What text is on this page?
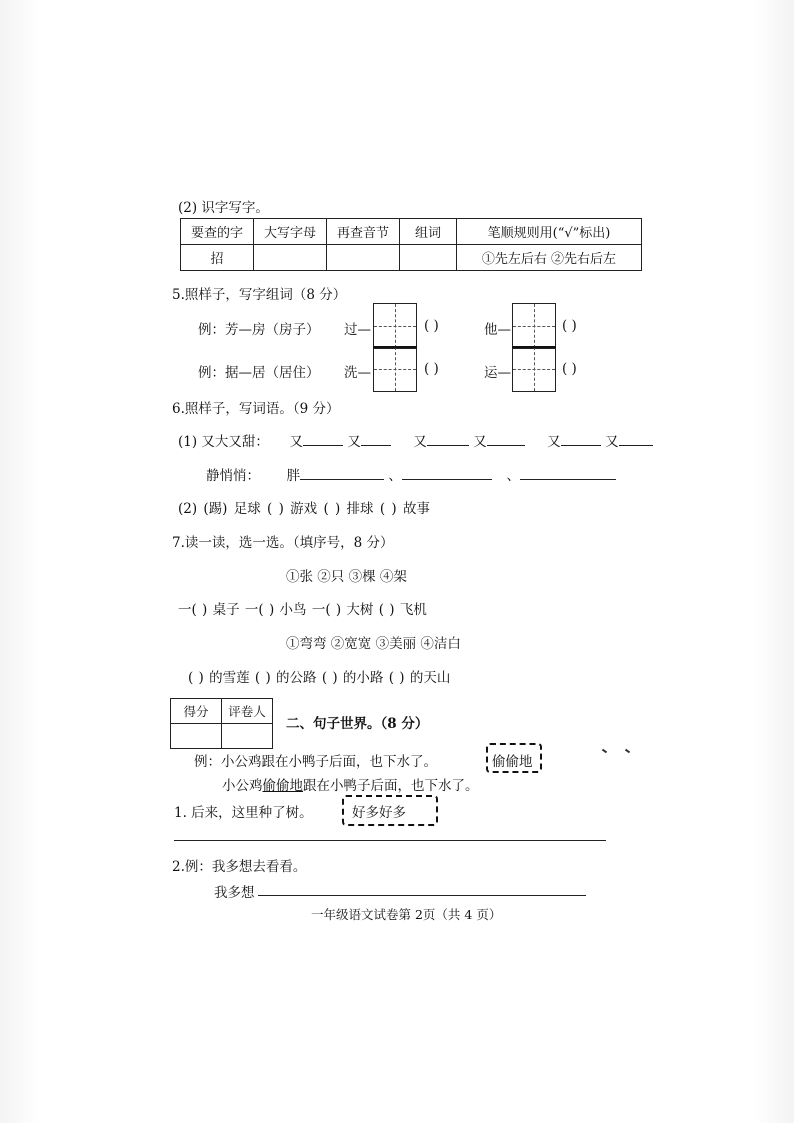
(2) 识字写字。
要查的字	大写字母	再查音节	组词	笔顺规则用(“√”标出)
招				①先左后右 ②先右后左
5.照样子，写字组词（8 分）
例：芳—房（房子）
例：据—居（居住）
过—
洗—
( )
( )
他—
运—
( )
( )
6.照样子，写词语。（9 分）
(1) 又大又甜： 又	又	又	又	又	又
静悄悄： 胖	、	、
(2) (踢) 足球 ( ) 游戏 ( ) 排球 ( ) 故事
7.读一读，选一选。（填序号，8 分）
①张 ②只 ③棵 ④架
一( ) 桌子 一( ) 小鸟 一( ) 大树 ( ) 飞机
①弯弯 ②宽宽 ③美丽 ④洁白
( ) 的雪莲 ( ) 的公路 ( ) 的小路 ( ) 的天山
得分	评卷人

二、句子世界。（8 分）
例：小公鸡跟在小鸭子后面，也下水了。	偷偷地
小公鸡偷偷地跟在小鸭子后面，也下水了。
1. 后来，这里种了树。	好多好多
2.例：我多想去看看。
我多想
一年级语文试卷第 2页（共 4 页）
